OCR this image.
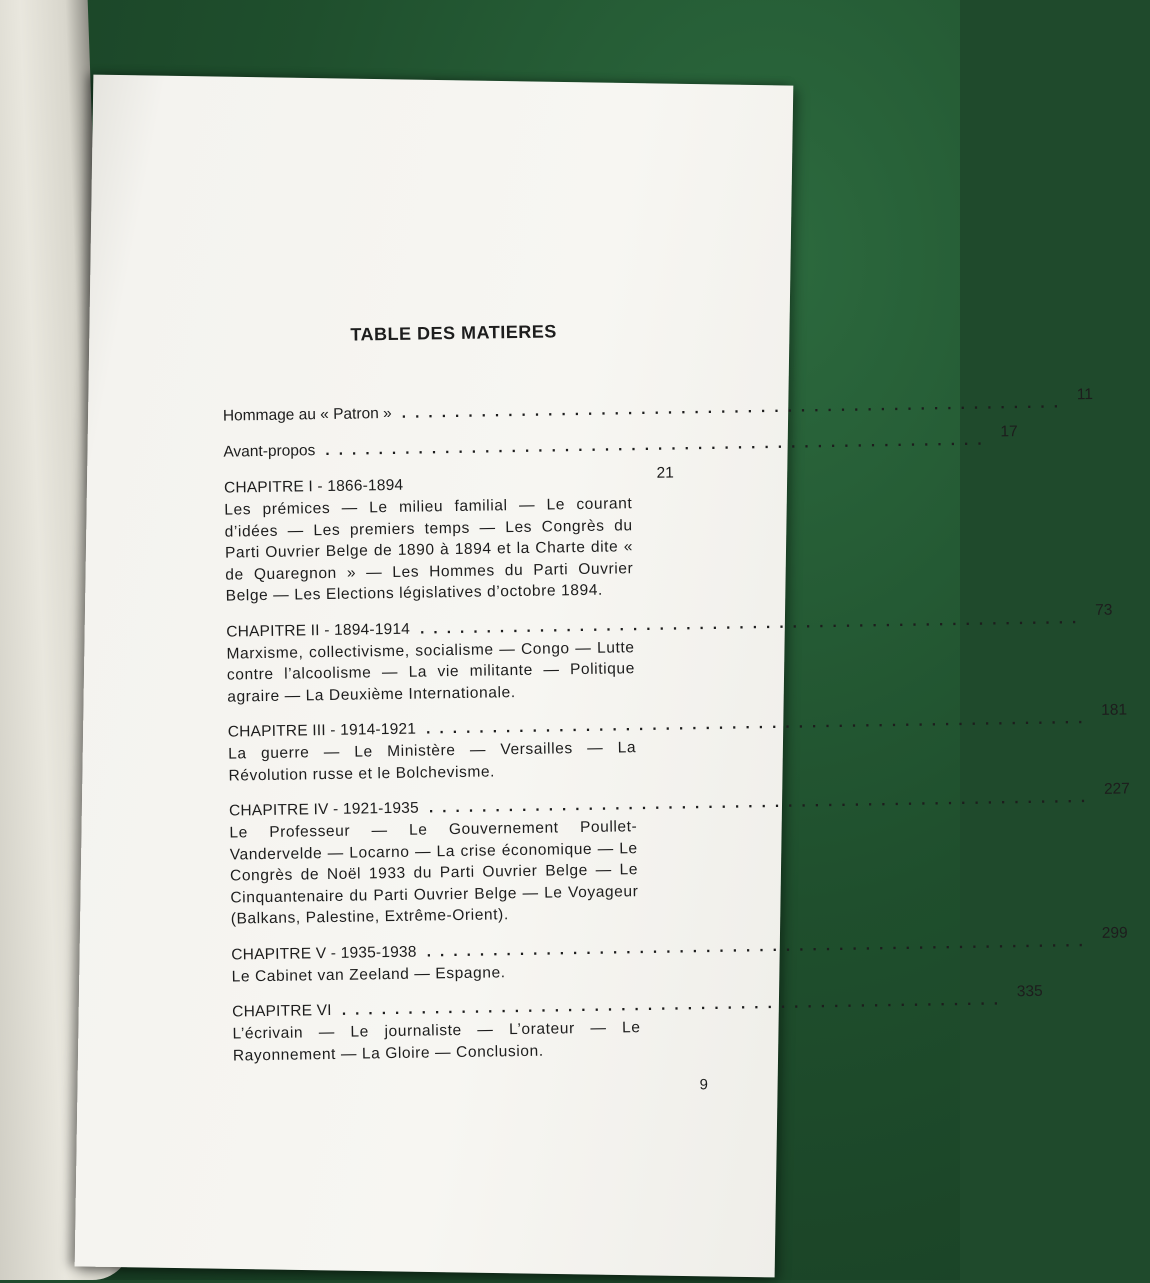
TABLE DES MATIERES
Hommage au « Patron » .................................................. 11
Avant-propos .................................................. 17
CHAPITRE I - 1866-1894
21
Les prémices — Le milieu familial — Le courant d’idées — Les premiers temps — Les Congrès du Parti Ouvrier Belge de 1890 à 1894 et la Charte dite « de Quaregnon » — Les Hommes du Parti Ouvrier Belge — Les Elections législatives d’octobre 1894.
CHAPITRE II - 1894-1914 .................................................. 73
Marxisme, collectivisme, socialisme — Congo — Lutte contre l’alcoolisme — La vie militante — Politique agraire — La Deuxième Internationale.
CHAPITRE III - 1914-1921 .................................................. 181
La guerre — Le Ministère — Versailles — La Révolution russe et le Bolchevisme.
CHAPITRE IV - 1921-1935 .................................................. 227
Le Professeur — Le Gouvernement Poullet-Vandervelde — Locarno — La crise économique — Le Congrès de Noël 1933 du Parti Ouvrier Belge — Le Cinquantenaire du Parti Ouvrier Belge — Le Voyageur (Balkans, Palestine, Extrême-Orient).
CHAPITRE V - 1935-1938 .................................................. 299
Le Cabinet van Zeeland — Espagne.
CHAPITRE VI .................................................. 335
L’écrivain — Le journaliste — L’orateur — Le Rayonnement — La Gloire — Conclusion.
9
